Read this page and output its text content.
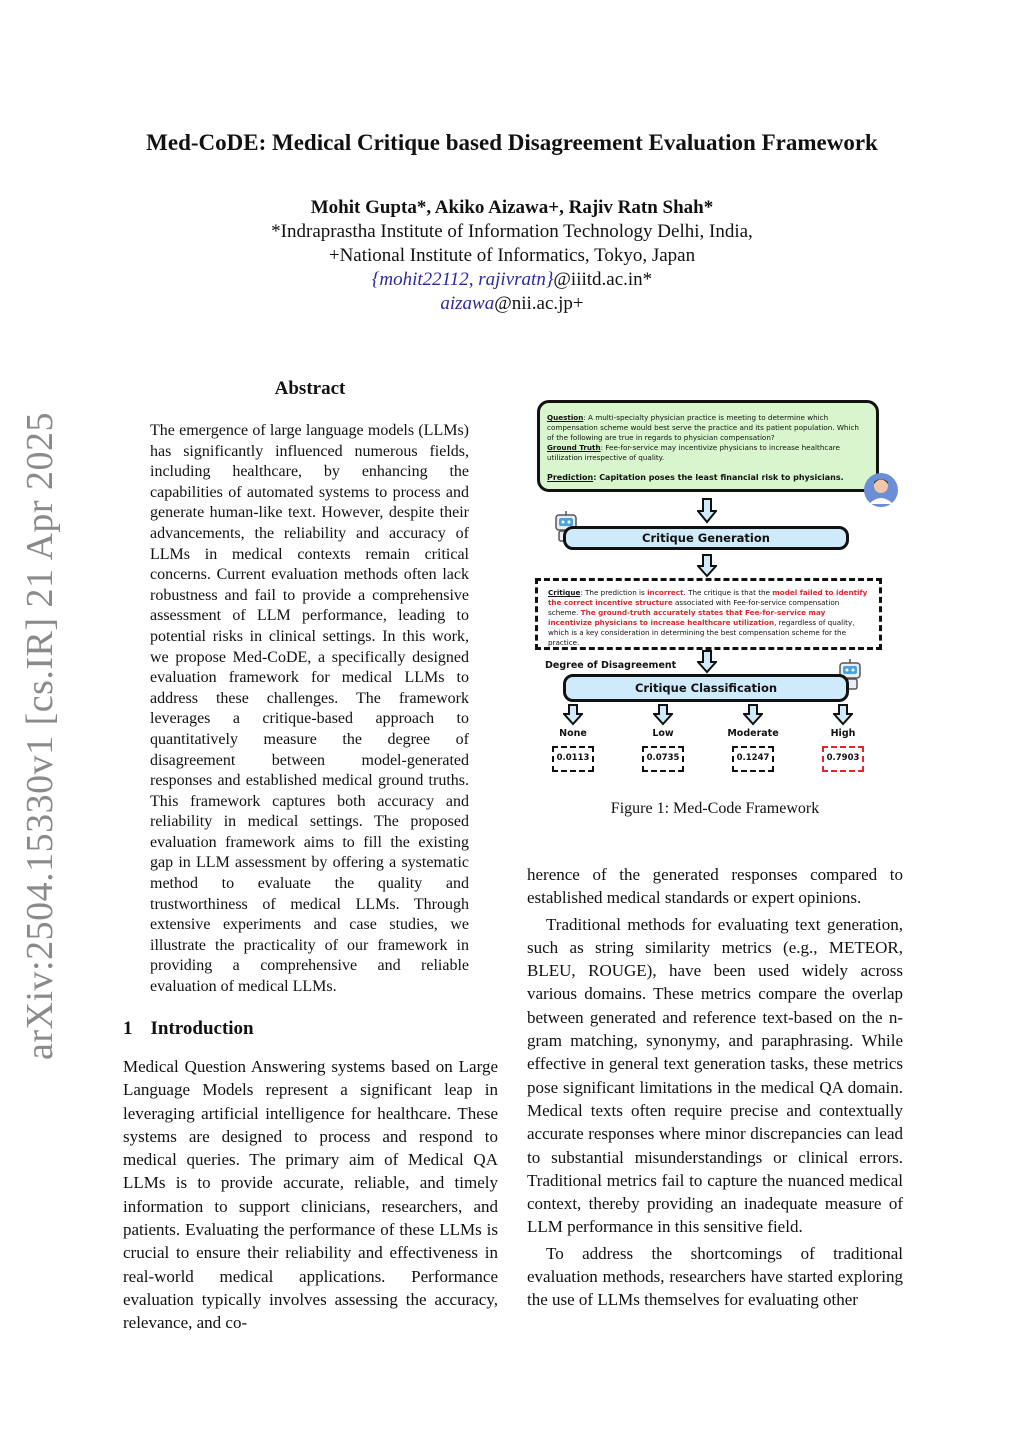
arXiv:2504.15330v1 [cs.IR] 21 Apr 2025
Med-CoDE: Medical Critique based Disagreement Evaluation Framework
Mohit Gupta*, Akiko Aizawa+, Rajiv Ratn Shah*
*Indraprastha Institute of Information Technology Delhi, India,
+National Institute of Informatics, Tokyo, Japan
{mohit22112, rajivratn}@iiitd.ac.in*
aizawa@nii.ac.jp+
Abstract
The emergence of large language models (LLMs) has significantly influenced numerous fields, including healthcare, by enhancing the capabilities of automated systems to process and generate human-like text. However, despite their advancements, the reliability and accuracy of LLMs in medical contexts remain critical concerns. Current evaluation methods often lack robustness and fail to provide a comprehensive assessment of LLM performance, leading to potential risks in clinical settings. In this work, we propose Med-CoDE, a specifically designed evaluation framework for medical LLMs to address these challenges. The framework leverages a critique-based approach to quantitatively measure the degree of disagreement between model-generated responses and established medical ground truths. This framework captures both accuracy and reliability in medical settings. The proposed evaluation framework aims to fill the existing gap in LLM assessment by offering a systematic method to evaluate the quality and trustworthiness of medical LLMs. Through extensive experiments and case studies, we illustrate the practicality of our framework in providing a comprehensive and reliable evaluation of medical LLMs.
1 Introduction

Medical Question Answering systems based on Large Language Models represent a significant leap in leveraging artificial intelligence for healthcare. These systems are designed to process and respond to medical queries. The primary aim of Medical QA LLMs is to provide accurate, reliable, and timely information to support clinicians, researchers, and patients. Evaluating the performance of these LLMs is crucial to ensure their reliability and effectiveness in real-world medical applications. Performance evaluation typically involves assessing the accuracy, relevance, and co-

Question: A multi-specialty physician practice is meeting to determine which compensation scheme would best serve the practice and its patient population. Which of the following are true in regards to physician compensation?
Ground Truth: Fee-for-service may incentivize physicians to increase healthcare utilization irrespective of quality.
Prediction: Capitation poses the least financial risk to physicians.
Critique Generation
Critique: The prediction is incorrect. The critique is that the model failed to identify the correct incentive structure associated with Fee-for-service compensation scheme. The ground-truth accurately states that Fee-for-service may incentivize physicians to increase healthcare utilization, regardless of quality, which is a key consideration in determining the best compensation scheme for the practice.
Degree of Disagreement
Critique Classification
None	Low	Moderate	High
0.0113	0.0735	0.1247	0.7903
Figure 1: Med-Code Framework

herence of the generated responses compared to established medical standards or expert opinions.

Traditional methods for evaluating text generation, such as string similarity metrics (e.g., METEOR, BLEU, ROUGE), have been used widely across various domains. These metrics compare the overlap between generated and reference text-based on the n-gram matching, synonymy, and paraphrasing. While effective in general text generation tasks, these metrics pose significant limitations in the medical QA domain. Medical texts often require precise and contextually accurate responses where minor discrepancies can lead to substantial misunderstandings or clinical errors. Traditional metrics fail to capture the nuanced medical context, thereby providing an inadequate measure of LLM performance in this sensitive field.

To address the shortcomings of traditional evaluation methods, researchers have started exploring the use of LLMs themselves for evaluating other
